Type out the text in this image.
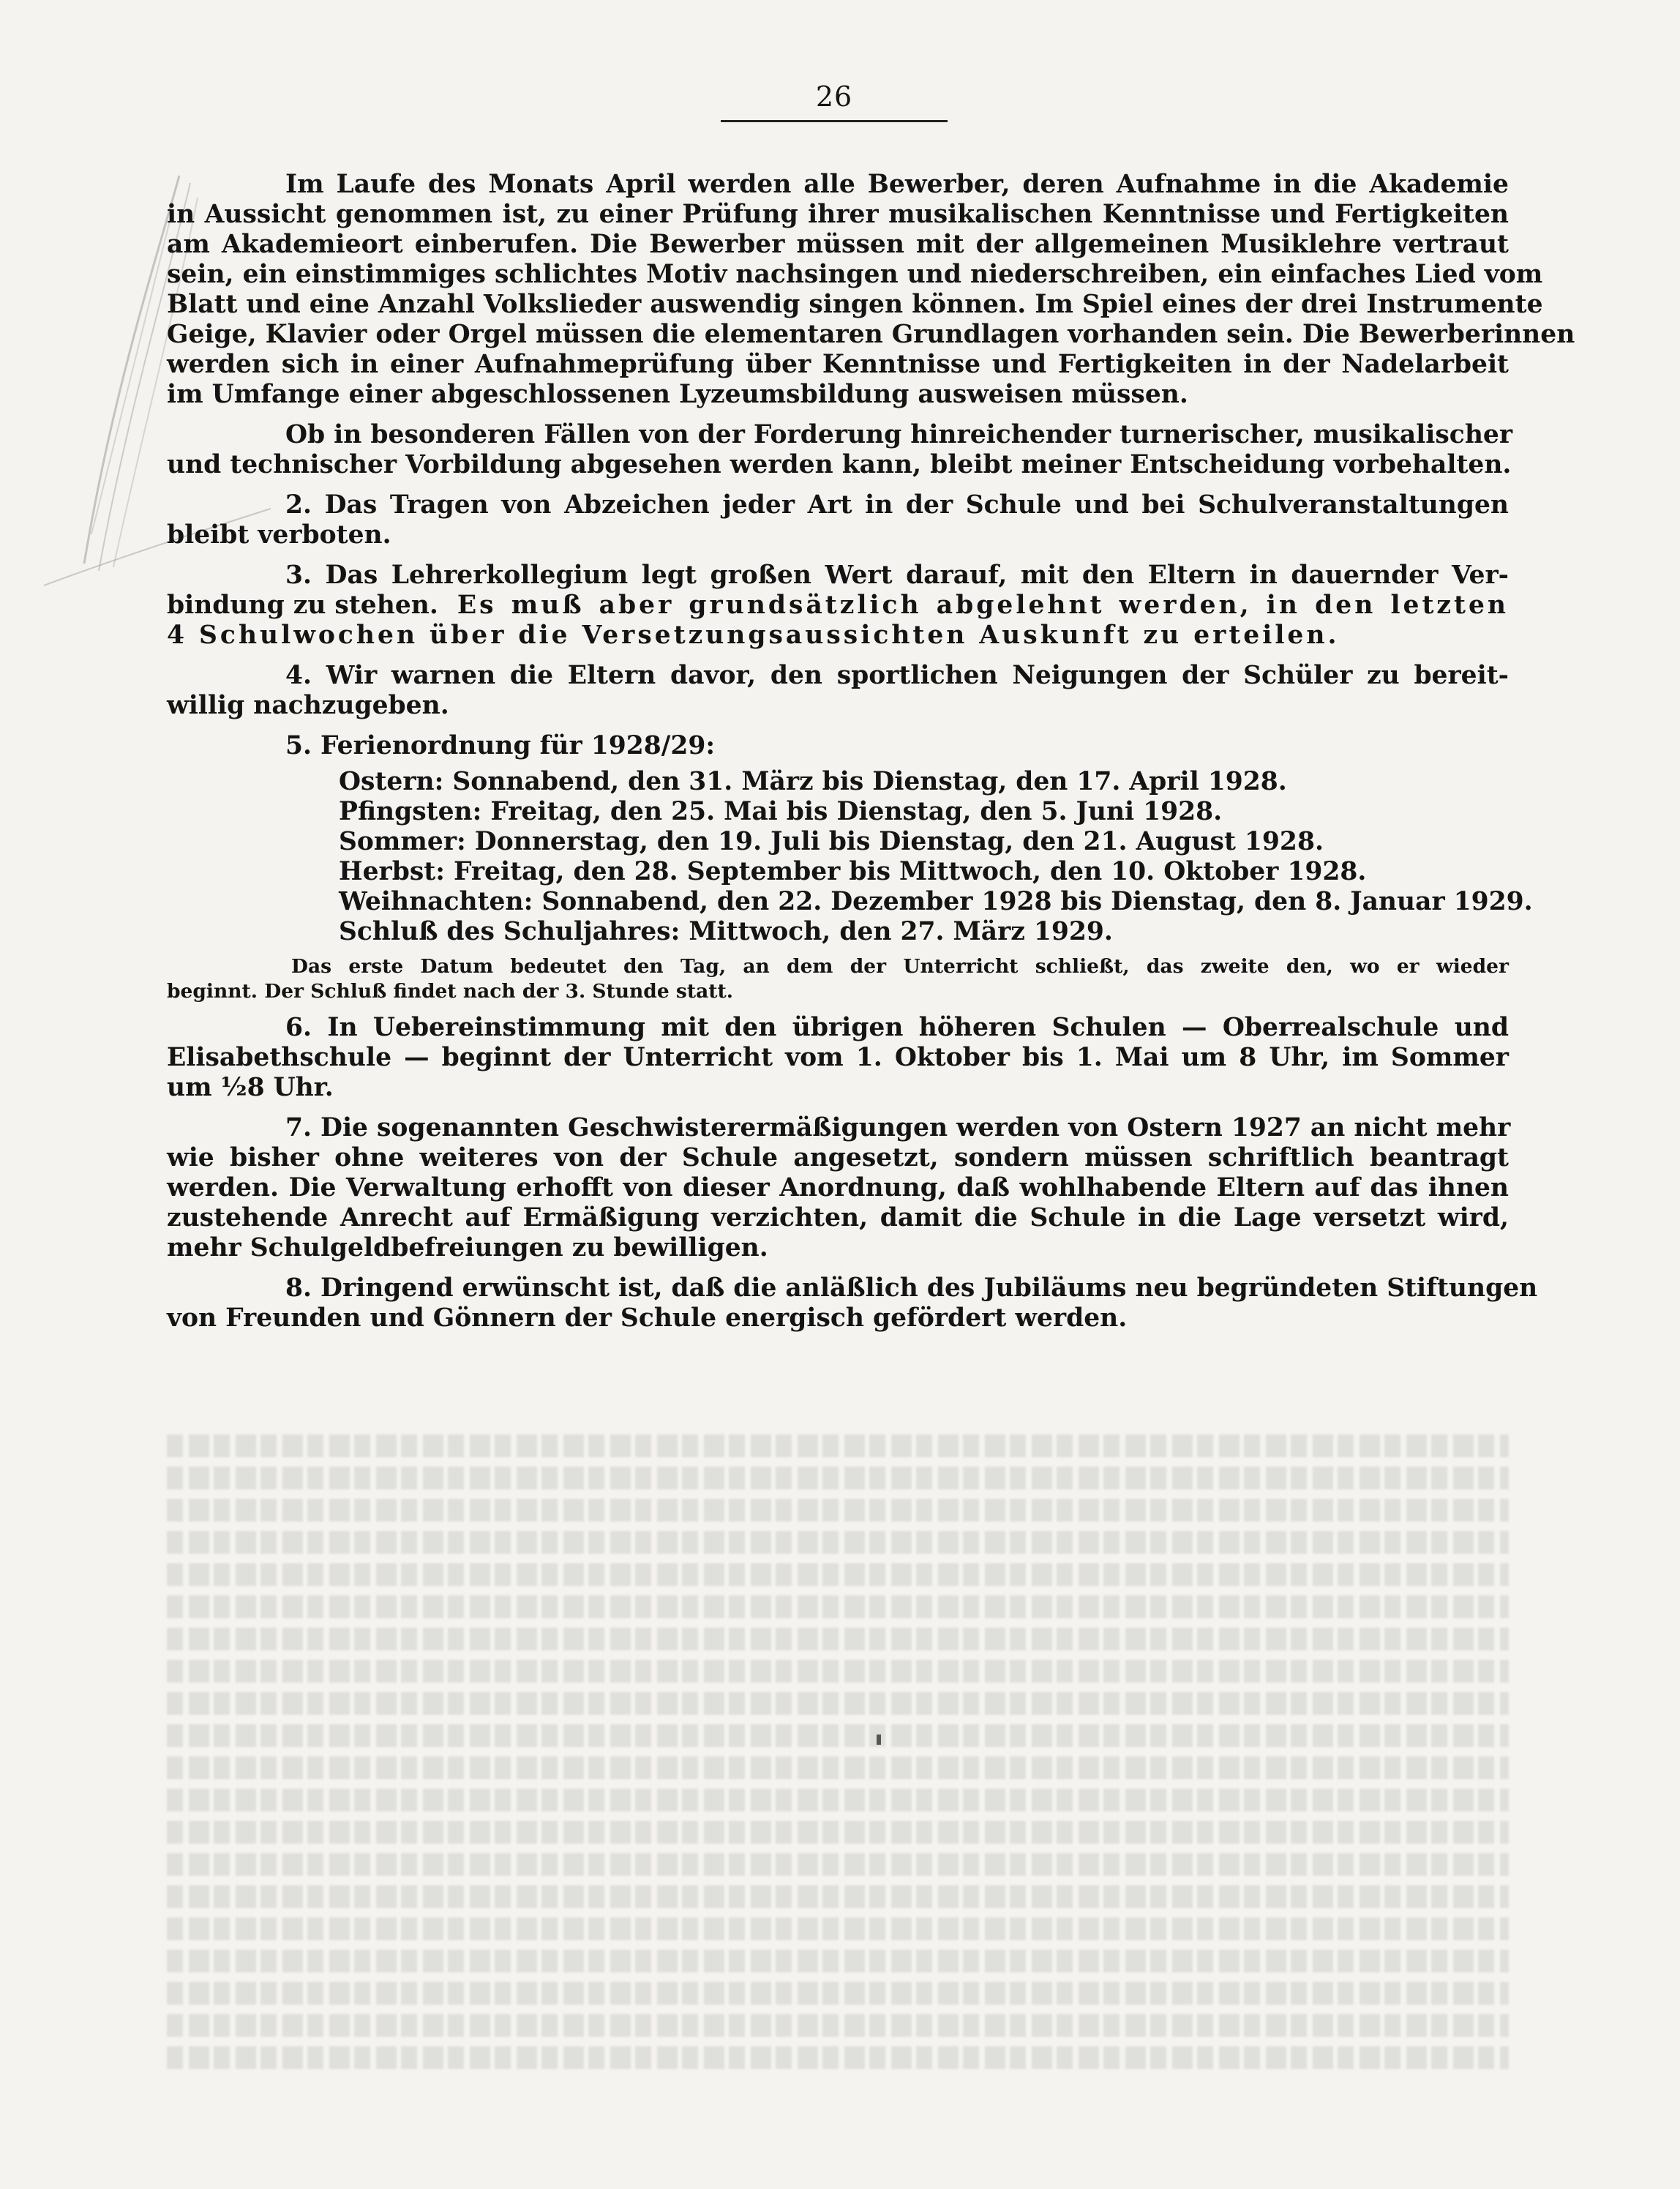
26
Im Laufe des Monats April werden alle Bewerber, deren Aufnahme in die Akademie
in Aussicht genommen ist, zu einer Prüfung ihrer musikalischen Kenntnisse und Fertigkeiten
am Akademieort einberufen. Die Bewerber müssen mit der allgemeinen Musiklehre vertraut
sein, ein einstimmiges schlichtes Motiv nachsingen und niederschreiben, ein einfaches Lied vom
Blatt und eine Anzahl Volkslieder auswendig singen können. Im Spiel eines der drei Instrumente
Geige, Klavier oder Orgel müssen die elementaren Grundlagen vorhanden sein. Die Bewerberinnen
werden sich in einer Aufnahmeprüfung über Kenntnisse und Fertigkeiten in der Nadelarbeit
im Umfange einer abgeschlossenen Lyzeumsbildung ausweisen müssen.
Ob in besonderen Fällen von der Forderung hinreichender turnerischer, musikalischer
und technischer Vorbildung abgesehen werden kann, bleibt meiner Entscheidung vorbehalten.
2. Das Tragen von Abzeichen jeder Art in der Schule und bei Schulveranstaltungen
bleibt verboten.
3. Das Lehrerkollegium legt großen Wert darauf, mit den Eltern in dauernder Ver-
bindung zu stehen. Es muß aber grundsätzlich abgelehnt werden, in den letzten
4 Schulwochen über die Versetzungsaussichten Auskunft zu erteilen.
4. Wir warnen die Eltern davor, den sportlichen Neigungen der Schüler zu bereit-
willig nachzugeben.
5. Ferienordnung für 1928/29:
Ostern: Sonnabend, den 31. März bis Dienstag, den 17. April 1928.
Pfingsten: Freitag, den 25. Mai bis Dienstag, den 5. Juni 1928.
Sommer: Donnerstag, den 19. Juli bis Dienstag, den 21. August 1928.
Herbst: Freitag, den 28. September bis Mittwoch, den 10. Oktober 1928.
Weihnachten: Sonnabend, den 22. Dezember 1928 bis Dienstag, den 8. Januar 1929.
Schluß des Schuljahres: Mittwoch, den 27. März 1929.
Das erste Datum bedeutet den Tag, an dem der Unterricht schließt, das zweite den, wo er wieder
beginnt. Der Schluß findet nach der 3. Stunde statt.
6. In Uebereinstimmung mit den übrigen höheren Schulen — Oberrealschule und
Elisabethschule — beginnt der Unterricht vom 1. Oktober bis 1. Mai um 8 Uhr, im Sommer
um ½8 Uhr.
7. Die sogenannten Geschwisterermäßigungen werden von Ostern 1927 an nicht mehr
wie bisher ohne weiteres von der Schule angesetzt, sondern müssen schriftlich beantragt
werden. Die Verwaltung erhofft von dieser Anordnung, daß wohlhabende Eltern auf das ihnen
zustehende Anrecht auf Ermäßigung verzichten, damit die Schule in die Lage versetzt wird,
mehr Schulgeldbefreiungen zu bewilligen.
8. Dringend erwünscht ist, daß die anläßlich des Jubiläums neu begründeten Stiftungen
von Freunden und Gönnern der Schule energisch gefördert werden.
